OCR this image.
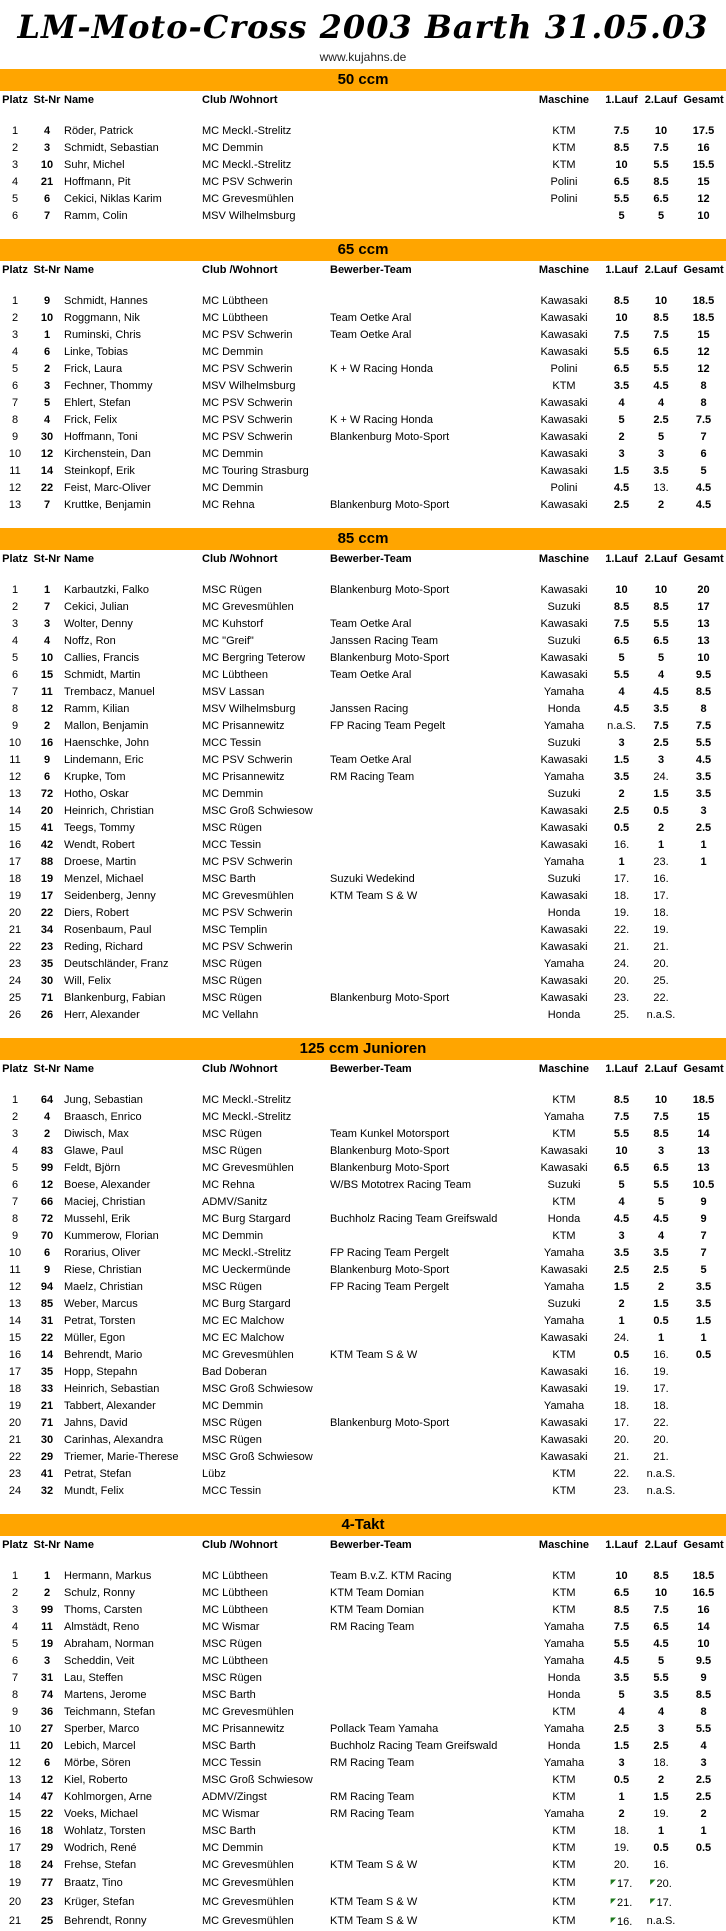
LM-Moto-Cross 2003 Barth 31.05.03
www.kujahns.de
50 ccm
Platz	St-Nr	Name	Club /Wohnort		Maschine	1.Lauf	2.Lauf	Gesamt
1	4	Röder, Patrick	MC Meckl.-Strelitz		KTM	7.5	10	17.5
2	3	Schmidt, Sebastian	MC Demmin		KTM	8.5	7.5	16
3	10	Suhr, Michel	MC Meckl.-Strelitz		KTM	10	5.5	15.5
4	21	Hoffmann, Pit	MC PSV Schwerin		Polini	6.5	8.5	15
5	6	Cekici, Niklas Karim	MC Grevesmühlen		Polini	5.5	6.5	12
6	7	Ramm, Colin	MSV Wilhelmsburg			5	5	10
65 ccm
Platz	St-Nr	Name	Club /Wohnort	Bewerber-Team	Maschine	1.Lauf	2.Lauf	Gesamt
1	9	Schmidt, Hannes	MC Lübtheen		Kawasaki	8.5	10	18.5
2	10	Roggmann, Nik	MC Lübtheen	Team Oetke Aral	Kawasaki	10	8.5	18.5
3	1	Ruminski, Chris	MC PSV Schwerin	Team Oetke Aral	Kawasaki	7.5	7.5	15
4	6	Linke, Tobias	MC Demmin		Kawasaki	5.5	6.5	12
5	2	Frick, Laura	MC PSV Schwerin	K + W Racing Honda	Polini	6.5	5.5	12
6	3	Fechner, Thommy	MSV Wilhelmsburg		KTM	3.5	4.5	8
7	5	Ehlert, Stefan	MC PSV Schwerin		Kawasaki	4	4	8
8	4	Frick, Felix	MC PSV Schwerin	K + W Racing Honda	Kawasaki	5	2.5	7.5
9	30	Hoffmann, Toni	MC PSV Schwerin	Blankenburg Moto-Sport	Kawasaki	2	5	7
10	12	Kirchenstein, Dan	MC Demmin		Kawasaki	3	3	6
11	14	Steinkopf, Erik	MC Touring Strasburg		Kawasaki	1.5	3.5	5
12	22	Feist, Marc-Oliver	MC Demmin		Polini	4.5	13.	4.5
13	7	Kruttke, Benjamin	MC Rehna	Blankenburg Moto-Sport	Kawasaki	2.5	2	4.5
85 ccm
Platz	St-Nr	Name	Club /Wohnort	Bewerber-Team	Maschine	1.Lauf	2.Lauf	Gesamt
1	1	Karbautzki, Falko	MSC Rügen	Blankenburg Moto-Sport	Kawasaki	10	10	20
2	7	Cekici, Julian	MC Grevesmühlen		Suzuki	8.5	8.5	17
3	3	Wolter, Denny	MC Kuhstorf	Team Oetke Aral	Kawasaki	7.5	5.5	13
4	4	Noffz, Ron	MC "Greif"	Janssen Racing Team	Suzuki	6.5	6.5	13
5	10	Callies, Francis	MC Bergring Teterow	Blankenburg Moto-Sport	Kawasaki	5	5	10
6	15	Schmidt, Martin	MC Lübtheen	Team Oetke Aral	Kawasaki	5.5	4	9.5
7	11	Trembacz, Manuel	MSV Lassan		Yamaha	4	4.5	8.5
8	12	Ramm, Kilian	MSV Wilhelmsburg	Janssen Racing	Honda	4.5	3.5	8
9	2	Mallon, Benjamin	MC Prisannewitz	FP Racing Team Pegelt	Yamaha	n.a.S.	7.5	7.5
10	16	Haenschke, John	MCC Tessin		Suzuki	3	2.5	5.5
11	9	Lindemann, Eric	MC PSV Schwerin	Team Oetke Aral	Kawasaki	1.5	3	4.5
12	6	Krupke, Tom	MC Prisannewitz	RM Racing Team	Yamaha	3.5	24.	3.5
13	72	Hotho, Oskar	MC Demmin		Suzuki	2	1.5	3.5
14	20	Heinrich, Christian	MSC Groß Schwiesow		Kawasaki	2.5	0.5	3
15	41	Teegs, Tommy	MSC Rügen		Kawasaki	0.5	2	2.5
16	42	Wendt, Robert	MCC Tessin		Kawasaki	16.	1	1
17	88	Droese, Martin	MC PSV Schwerin		Yamaha	1	23.	1
18	19	Menzel, Michael	MSC Barth	Suzuki Wedekind	Suzuki	17.	16.	
19	17	Seidenberg, Jenny	MC Grevesmühlen	KTM Team S & W	Kawasaki	18.	17.	
20	22	Diers, Robert	MC PSV Schwerin		Honda	19.	18.	
21	34	Rosenbaum, Paul	MSC Templin		Kawasaki	22.	19.	
22	23	Reding, Richard	MC PSV Schwerin		Kawasaki	21.	21.	
23	35	Deutschländer, Franz	MSC Rügen		Yamaha	24.	20.	
24	30	Will, Felix	MSC Rügen		Kawasaki	20.	25.	
25	71	Blankenburg, Fabian	MSC Rügen	Blankenburg Moto-Sport	Kawasaki	23.	22.	
26	26	Herr, Alexander	MC Vellahn		Honda	25.	n.a.S.	
125 ccm Junioren
Platz	St-Nr	Name	Club /Wohnort	Bewerber-Team	Maschine	1.Lauf	2.Lauf	Gesamt
1	64	Jung, Sebastian	MC Meckl.-Strelitz		KTM	8.5	10	18.5
2	4	Braasch, Enrico	MC Meckl.-Strelitz		Yamaha	7.5	7.5	15
3	2	Diwisch, Max	MSC Rügen	Team Kunkel Motorsport	KTM	5.5	8.5	14
4	83	Glawe, Paul	MSC Rügen	Blankenburg Moto-Sport	Kawasaki	10	3	13
5	99	Feldt, Björn	MC Grevesmühlen	Blankenburg Moto-Sport	Kawasaki	6.5	6.5	13
6	12	Boese, Alexander	MC Rehna	W/BS Mototrex Racing Team	Suzuki	5	5.5	10.5
7	66	Maciej, Christian	ADMV/Sanitz		KTM	4	5	9
8	72	Mussehl, Erik	MC Burg Stargard	Buchholz Racing Team Greifswald	Honda	4.5	4.5	9
9	70	Kummerow, Florian	MC Demmin		KTM	3	4	7
10	6	Rorarius, Oliver	MC Meckl.-Strelitz	FP Racing Team Pergelt	Yamaha	3.5	3.5	7
11	9	Riese, Christian	MC Ueckermünde	Blankenburg Moto-Sport	Kawasaki	2.5	2.5	5
12	94	Maelz, Christian	MSC Rügen	FP Racing Team Pergelt	Yamaha	1.5	2	3.5
13	85	Weber, Marcus	MC Burg Stargard		Suzuki	2	1.5	3.5
14	31	Petrat, Torsten	MC EC Malchow		Yamaha	1	0.5	1.5
15	22	Müller, Egon	MC EC Malchow		Kawasaki	24.	1	1
16	14	Behrendt, Mario	MC Grevesmühlen	KTM Team S & W	KTM	0.5	16.	0.5
17	35	Hopp, Stepahn	Bad Doberan		Kawasaki	16.	19.	
18	33	Heinrich, Sebastian	MSC Groß Schwiesow		Kawasaki	19.	17.	
19	21	Tabbert, Alexander	MC Demmin		Yamaha	18.	18.	
20	71	Jahns, David	MSC Rügen	Blankenburg Moto-Sport	Kawasaki	17.	22.	
21	30	Carinhas, Alexandra	MSC Rügen		Kawasaki	20.	20.	
22	29	Triemer, Marie-Therese	MSC Groß Schwiesow		Kawasaki	21.	21.	
23	41	Petrat, Stefan	Lübz		KTM	22.	n.a.S.	
24	32	Mundt, Felix	MCC Tessin		KTM	23.	n.a.S.	
4-Takt
Platz	St-Nr	Name	Club /Wohnort	Bewerber-Team	Maschine	1.Lauf	2.Lauf	Gesamt
1	1	Hermann, Markus	MC Lübtheen	Team B.v.Z. KTM Racing	KTM	10	8.5	18.5
2	2	Schulz, Ronny	MC Lübtheen	KTM Team Domian	KTM	6.5	10	16.5
3	99	Thoms, Carsten	MC Lübtheen	KTM Team Domian	KTM	8.5	7.5	16
4	11	Almstädt, Reno	MC Wismar	RM Racing Team	Yamaha	7.5	6.5	14
5	19	Abraham, Norman	MSC Rügen		Yamaha	5.5	4.5	10
6	3	Scheddin, Veit	MC Lübtheen		Yamaha	4.5	5	9.5
7	31	Lau, Steffen	MSC Rügen		Honda	3.5	5.5	9
8	74	Martens, Jerome	MSC Barth		Honda	5	3.5	8.5
9	36	Teichmann, Stefan	MC Grevesmühlen		KTM	4	4	8
10	27	Sperber, Marco	MC Prisannewitz	Pollack Team Yamaha	Yamaha	2.5	3	5.5
11	20	Lebich, Marcel	MSC Barth	Buchholz Racing Team Greifswald	Honda	1.5	2.5	4
12	6	Mörbe, Sören	MCC Tessin	RM Racing Team	Yamaha	3	18.	3
13	12	Kiel, Roberto	MSC Groß Schwiesow		KTM	0.5	2	2.5
14	47	Kohlmorgen, Arne	ADMV/Zingst	RM Racing Team	KTM	1	1.5	2.5
15	22	Voeks, Michael	MC Wismar	RM Racing Team	Yamaha	2	19.	2
16	18	Wohlatz, Torsten	MSC Barth		KTM	18.	1	1
17	29	Wodrich, René	MC Demmin		KTM	19.	0.5	0.5
18	24	Frehse, Stefan	MC Grevesmühlen	KTM Team S & W	KTM	20.	16.	
19	77	Braatz, Tino	MC Grevesmühlen		KTM	◤17.	◤20.	
20	23	Krüger, Stefan	MC Grevesmühlen	KTM Team S & W	KTM	◤21.	◤17.	
21	25	Behrendt, Ronny	MC Grevesmühlen	KTM Team S & W	KTM	◤16.	n.a.S.	
